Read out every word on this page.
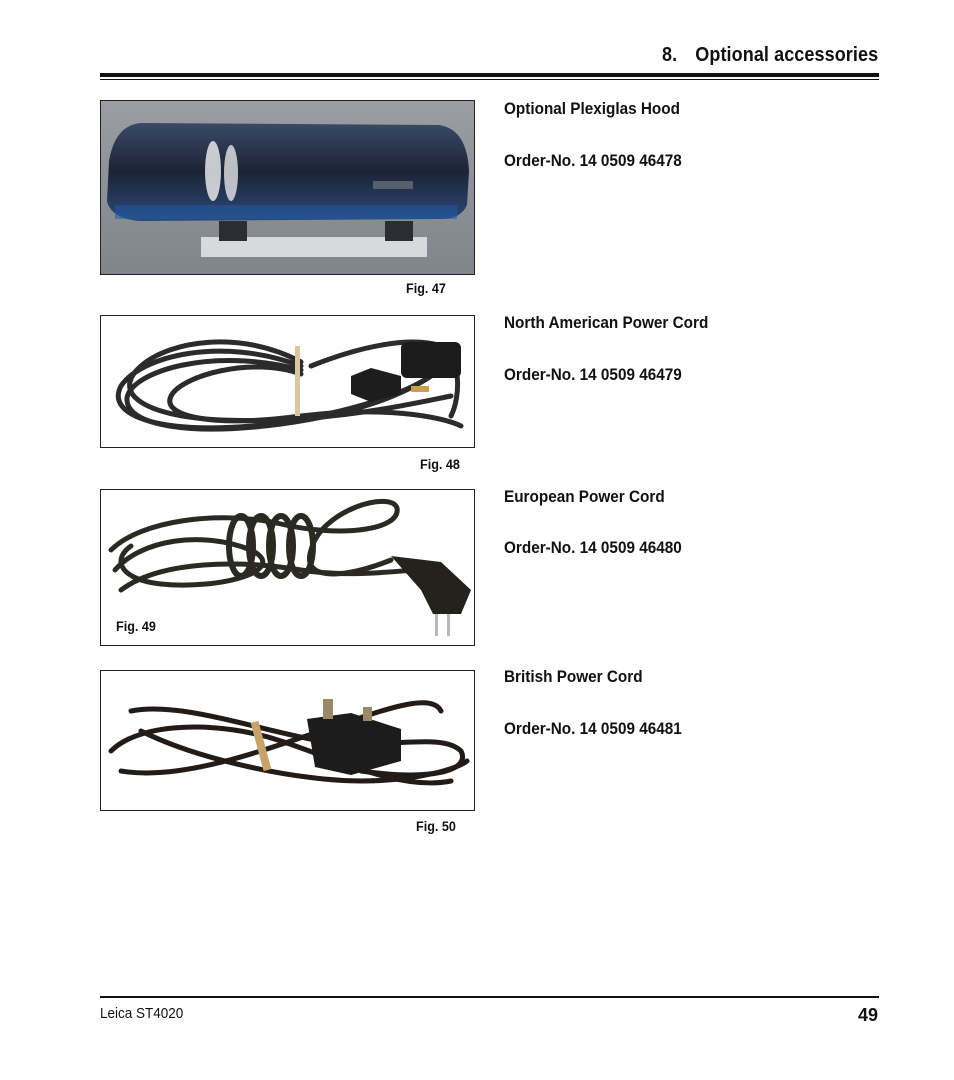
8. Optional accessories
Fig. 47
Optional Plexiglas Hood
Order-No. 14 0509 46478
Fig. 48
North American Power Cord
Order-No. 14 0509 46479
Fig. 49
European Power Cord
Order-No. 14 0509 46480
Fig. 50
British Power Cord
Order-No. 14 0509 46481
Leica ST4020	49
